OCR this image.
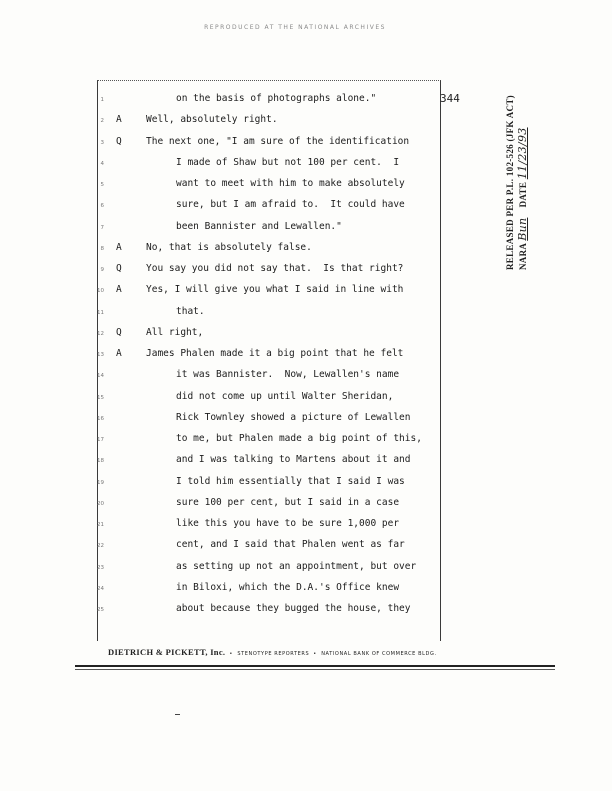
REPRODUCED AT THE NATIONAL ARCHIVES
344
1	on the basis of photographs alone."
2 A	Well, absolutely right.
3 Q	The next one, "I am sure of the identification
4	I made of Shaw but not 100 per cent.  I
5	want to meet with him to make absolutely
6	sure, but I am afraid to.  It could have
7	been Bannister and Lewallen."
8 A	No, that is absolutely false.
9 Q	You say you did not say that.  Is that right?
10 A	Yes, I will give you what I said in line with
11	that.
12 Q	All right,
13 A	James Phalen made it a big point that he felt
14	it was Bannister.  Now, Lewallen's name
15	did not come up until Walter Sheridan,
16	Rick Townley showed a picture of Lewallen
17	to me, but Phalen made a big point of this,
18	and I was talking to Martens about it and
19	I told him essentially that I said I was
20	sure 100 per cent, but I said in a case
21	like this you have to be sure 1,000 per
22	cent, and I said that Phalen went as far
23	as setting up not an appointment, but over
24	in Biloxi, which the D.A.'s Office knew
25	about because they bugged the house, they
DIETRICH & PICKETT, Inc.  •  STENOTYPE REPORTERS  •  NATIONAL BANK OF COMMERCE BLDG.
RELEASED PER P.L. 102-526 (JFK ACT) NARA Bun    DATE 11/23/93
